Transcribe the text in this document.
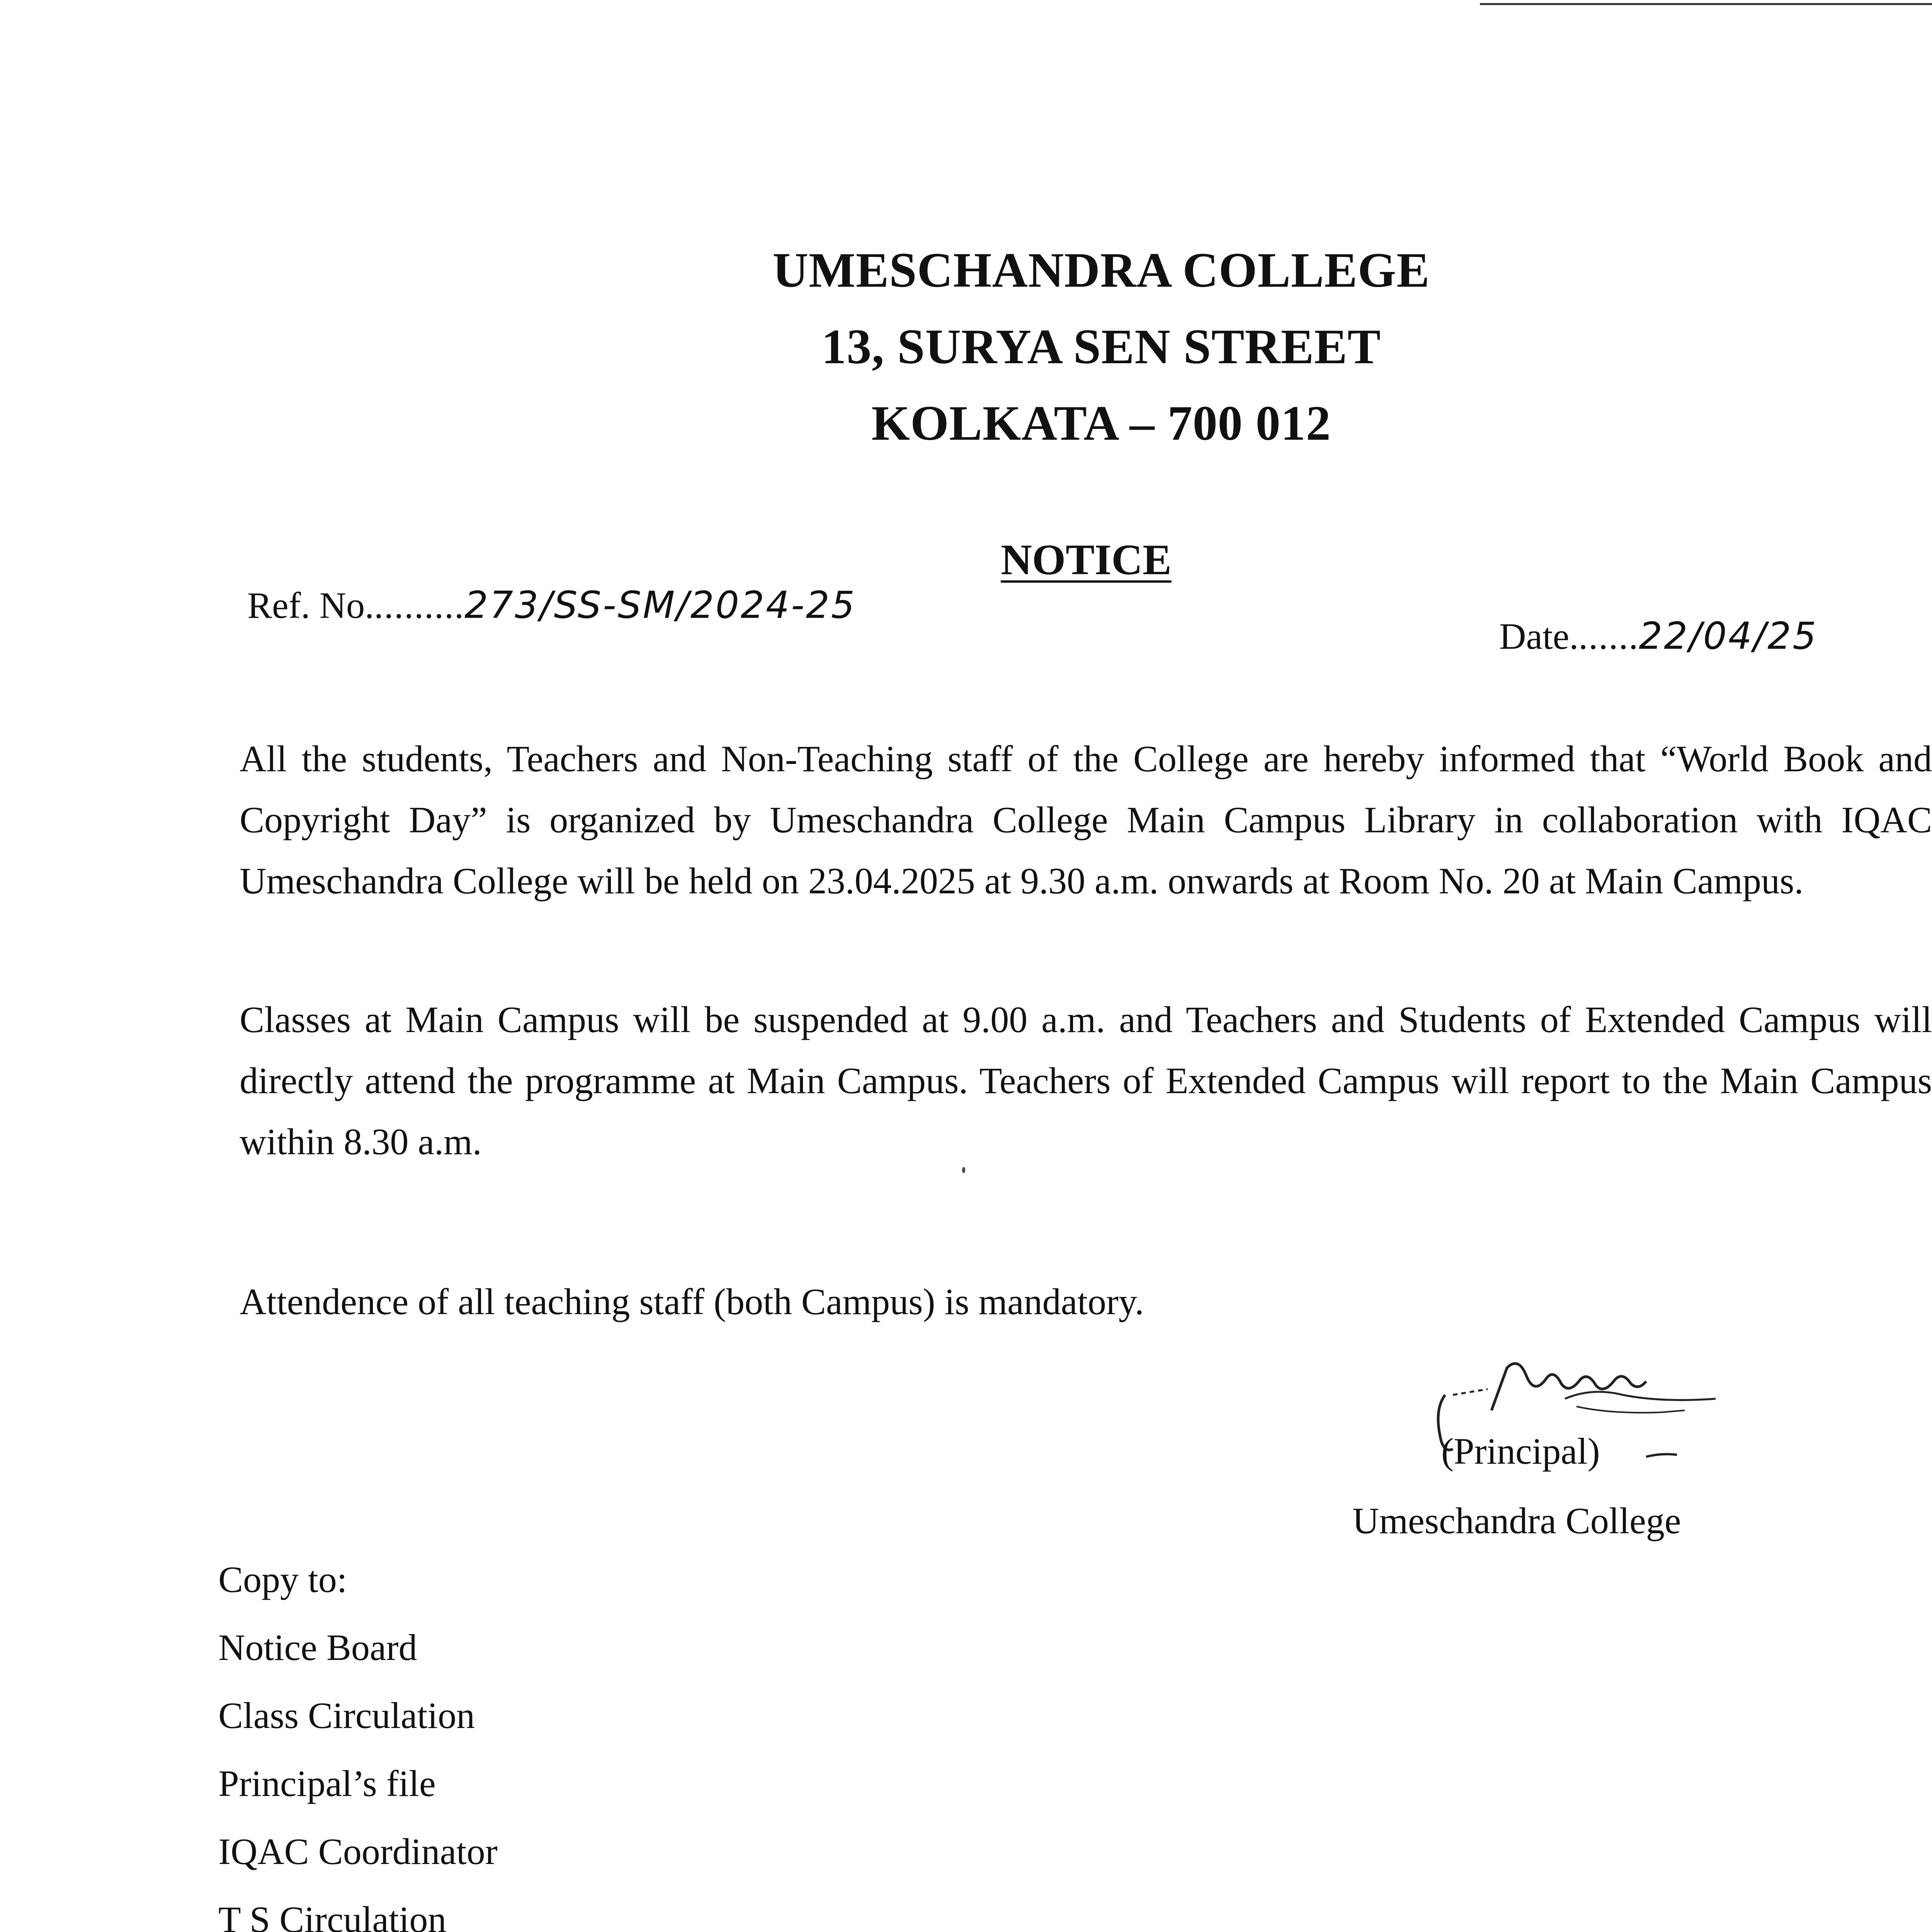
UMESCHANDRA COLLEGE
13, SURYA SEN STREET
KOLKATA – 700 012
NOTICE
Ref. No..........273/SS-SM/2024-25
Date.......22/04/25
All the students, Teachers and Non-Teaching staff of the College are hereby informed that “World Book and Copyright Day” is organized by Umeschandra College Main Campus Library in collaboration with IQAC Umeschandra College will be held on 23.04.2025 at 9.30 a.m. onwards at Room No. 20 at Main Campus.
Classes at Main Campus will be suspended at 9.00 a.m. and Teachers and Students of Extended Campus will directly attend the programme at Main Campus. Teachers of Extended Campus will report to the Main Campus within 8.30 a.m.
Attendence of all teaching staff (both Campus) is mandatory.
(Principal)
Umeschandra College
Copy to:
Notice Board
Class Circulation
Principal’s file
IQAC Coordinator
T S Circulation
